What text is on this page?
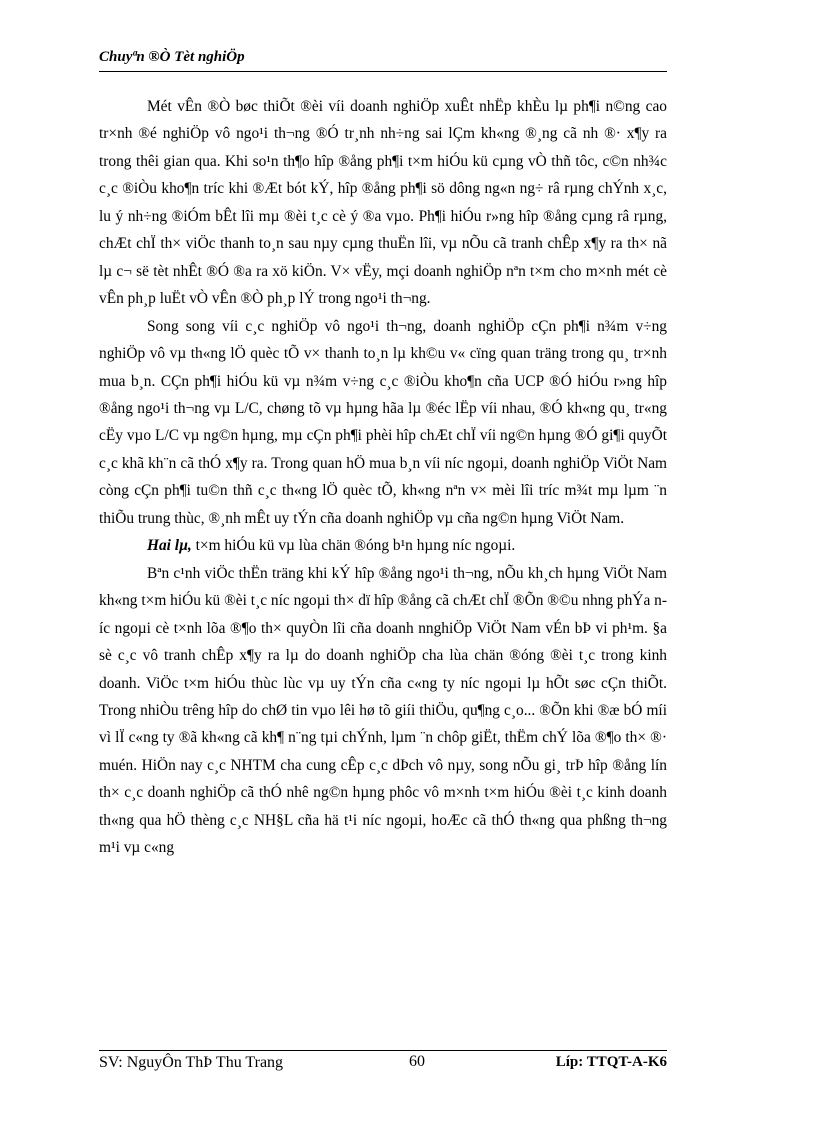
Chuyªn ®Ò Tèt nghiÖp

Mét vÊn ®Ò bøc thiÕt ®èi víi doanh nghiÖp xuÊt nhËp khÈu lµ ph¶i n©ng cao tr×nh ®é nghiÖp vô ngo¹i th¬ng ®Ó tr¸nh nh÷ng sai lÇm kh«ng ®¸ng cã nh ®· x¶y ra trong thêi gian qua. Khi so¹n th¶o hîp ®ång ph¶i t×m hiÓu kü cµng vÒ thñ tôc, c©n nh¾c c¸c ®iÒu kho¶n tríc khi ®Æt bót kÝ, hîp ®ång ph¶i sö dông ng«n ng÷ râ rµng chÝnh x¸c, lu ý nh÷ng ®iÓm bÊt lîi mµ ®èi t¸c cè ý ®a vµo. Ph¶i hiÓu r»ng hîp ®ång cµng râ rµng, chÆt chÏ th× viÖc thanh to¸n sau nµy cµng thuËn lîi, vµ nÕu cã tranh chÊp x¶y ra th× nã lµ c¬ së tèt nhÊt ®Ó ®a ra xö kiÖn. V× vËy, mçi doanh nghiÖp nªn t×m cho m×nh mét cè vÊn ph¸p luËt vÒ vÊn ®Ò ph¸p lÝ trong ngo¹i th¬ng.

Song song víi c¸c nghiÖp vô ngo¹i th¬ng, doanh nghiÖp cÇn ph¶i n¾m v÷ng nghiÖp vô vµ th«ng lÖ quèc tÕ v× thanh to¸n lµ kh©u v« cïng quan träng trong qu¸ tr×nh mua b¸n. CÇn ph¶i hiÓu kü vµ n¾m v÷ng c¸c ®iÒu kho¶n cña UCP ®Ó hiÓu r»ng hîp ®ång ngo¹i th¬ng vµ L/C, chøng tõ vµ hµng hãa lµ ®éc lËp víi nhau, ®Ó kh«ng qu¸ tr«ng cËy vµo L/C vµ ng©n hµng, mµ cÇn ph¶i phèi hîp chÆt chÏ víi ng©n hµng ®Ó gi¶i quyÕt c¸c khã kh¨n cã thÓ x¶y ra. Trong quan hÖ mua b¸n víi níc ngoµi, doanh nghiÖp ViÖt Nam còng cÇn ph¶i tu©n thñ c¸c th«ng lÖ quèc tÕ, kh«ng nªn v× mèi lîi tríc m¾t mµ lµm ¨n thiÕu trung thùc, ®¸nh mÊt uy tÝn cña doanh nghiÖp vµ cña ng©n hµng ViÖt Nam.

Hai lµ, t×m hiÓu kü vµ lùa chän ®óng b¹n hµng níc ngoµi.

Bªn c¹nh viÖc thËn träng khi kÝ hîp ®ång ngo¹i th¬ng, nÕu kh¸ch hµng ViÖt Nam kh«ng t×m hiÓu kü ®èi t¸c níc ngoµi th× dï hîp ®ång cã chÆt chÏ ®Õn ®©u nhng phÝa níc ngoµi cè t×nh lõa ®¶o th× quyÒn lîi cña doanh nnghiÖp ViÖt Nam vÉn bÞ vi ph¹m. §a sè c¸c vô tranh chÊp x¶y ra lµ do doanh nghiÖp cha lùa chän ®óng ®èi t¸c trong kinh doanh. ViÖc t×m hiÓu thùc lùc vµ uy tÝn cña c«ng ty níc ngoµi lµ hÕt søc cÇn thiÕt. Trong nhiÒu trêng hîp do chØ tin vµo lêi hø tõ giíi thiÖu, qu¶ng c¸o... ®Õn khi ®æ bÓ míi vì lÏ c«ng ty ®ã kh«ng cã kh¶ n¨ng tµi chÝnh, lµm ¨n chôp giËt, thËm chÝ lõa ®¶o th× ®· muén. HiÖn nay c¸c NHTM cha cung cÊp c¸c dÞch vô nµy, song nÕu gi¸ trÞ hîp ®ång lín th× c¸c doanh nghiÖp cã thÓ nhê ng©n hµng phôc vô m×nh t×m hiÓu ®èi t¸c kinh doanh th«ng qua hÖ thèng c¸c NH§L cña hä t¹i níc ngoµi, hoÆc cã thÓ th«ng qua phßng th¬ng m¹i vµ c«ng

SV: NguyÔn ThÞ Thu Trang	60	Líp: TTQT-A-K6
